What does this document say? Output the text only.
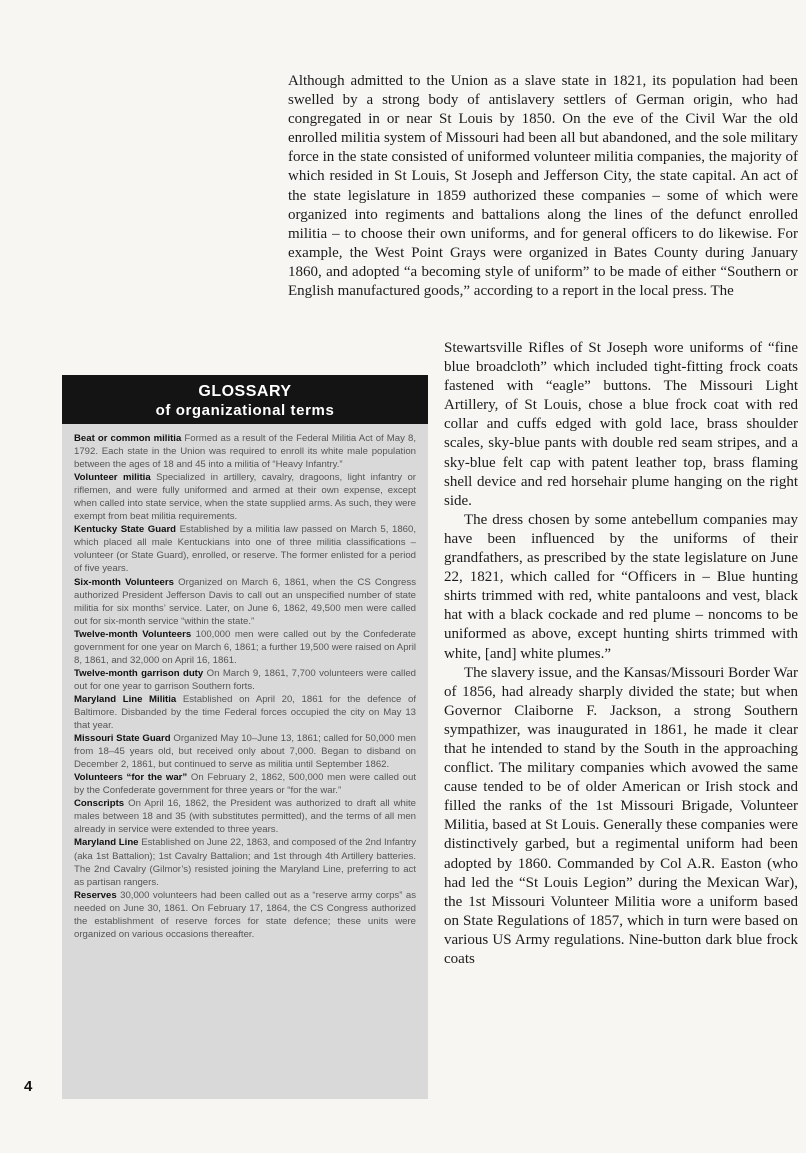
Although admitted to the Union as a slave state in 1821, its population had been swelled by a strong body of antislavery settlers of German origin, who had congregated in or near St Louis by 1850. On the eve of the Civil War the old enrolled militia system of Missouri had been all but abandoned, and the sole military force in the state consisted of uniformed volunteer militia companies, the majority of which resided in St Louis, St Joseph and Jefferson City, the state capital. An act of the state legislature in 1859 authorized these companies – some of which were organized into regiments and battalions along the lines of the defunct enrolled militia – to choose their own uniforms, and for general officers to do likewise. For example, the West Point Grays were organized in Bates County during January 1860, and adopted “a becoming style of uniform” to be made of either “Southern or English manufactured goods,” according to a report in the local press. The

GLOSSARY
of organizational terms

Beat or common militia Formed as a result of the Federal Militia Act of May 8, 1792. Each state in the Union was required to enroll its white male population between the ages of 18 and 45 into a militia of “Heavy Infantry.”

Volunteer militia Specialized in artillery, cavalry, dragoons, light infantry or riflemen, and were fully uniformed and armed at their own expense, except when called into state service, when the state supplied arms. As such, they were exempt from beat militia requirements.

Kentucky State Guard Established by a militia law passed on March 5, 1860, which placed all male Kentuckians into one of three militia classifications – volunteer (or State Guard), enrolled, or reserve. The former enlisted for a period of five years.

Six-month Volunteers Organized on March 6, 1861, when the CS Congress authorized President Jefferson Davis to call out an unspecified number of state militia for six months’ service. Later, on June 6, 1862, 49,500 men were called out for six-month service “within the state.”

Twelve-month Volunteers 100,000 men were called out by the Confederate government for one year on March 6, 1861; a further 19,500 were raised on April 8, 1861, and 32,000 on April 16, 1861.

Twelve-month garrison duty On March 9, 1861, 7,700 volunteers were called out for one year to garrison Southern forts.

Maryland Line Militia Established on April 20, 1861 for the defence of Baltimore. Disbanded by the time Federal forces occupied the city on May 13 that year.

Missouri State Guard Organized May 10–June 13, 1861; called for 50,000 men from 18–45 years old, but received only about 7,000. Began to disband on December 2, 1861, but continued to serve as militia until September 1862.

Volunteers “for the war” On February 2, 1862, 500,000 men were called out by the Confederate government for three years or “for the war.”

Conscripts On April 16, 1862, the President was authorized to draft all white males between 18 and 35 (with substitutes permitted), and the terms of all men already in service were extended to three years.

Maryland Line Established on June 22, 1863, and composed of the 2nd Infantry (aka 1st Battalion); 1st Cavalry Battalion; and 1st through 4th Artillery batteries. The 2nd Cavalry (Gilmor’s) resisted joining the Maryland Line, preferring to act as partisan rangers.

Reserves 30,000 volunteers had been called out as a “reserve army corps” as needed on June 30, 1861. On February 17, 1864, the CS Congress authorized the establishment of reserve forces for state defence; these units were organized on various occasions thereafter.

Stewartsville Rifles of St Joseph wore uniforms of “fine blue broadcloth” which included tight-fitting frock coats fastened with “eagle” buttons. The Missouri Light Artillery, of St Louis, chose a blue frock coat with red collar and cuffs edged with gold lace, brass shoulder scales, sky-blue pants with double red seam stripes, and a sky-blue felt cap with patent leather top, brass flaming shell device and red horsehair plume hanging on the right side.

The dress chosen by some antebellum companies may have been influenced by the uniforms of their grandfathers, as prescribed by the state legislature on June 22, 1821, which called for “Officers in – Blue hunting shirts trimmed with red, white pantaloons and vest, black hat with a black cockade and red plume – noncoms to be uniformed as above, except hunting shirts trimmed with white, [and] white plumes.”

The slavery issue, and the Kansas/Missouri Border War of 1856, had already sharply divided the state; but when Governor Claiborne F. Jackson, a strong Southern sympathizer, was inaugurated in 1861, he made it clear that he intended to stand by the South in the approaching conflict. The military companies which avowed the same cause tended to be of older American or Irish stock and filled the ranks of the 1st Missouri Brigade, Volunteer Militia, based at St Louis. Generally these companies were distinctively garbed, but a regimental uniform had been adopted by 1860. Commanded by Col A.R. Easton (who had led the “St Louis Legion” during the Mexican War), the 1st Missouri Volunteer Militia wore a uniform based on State Regulations of 1857, which in turn were based on various US Army regulations. Nine-button dark blue frock coats

4
